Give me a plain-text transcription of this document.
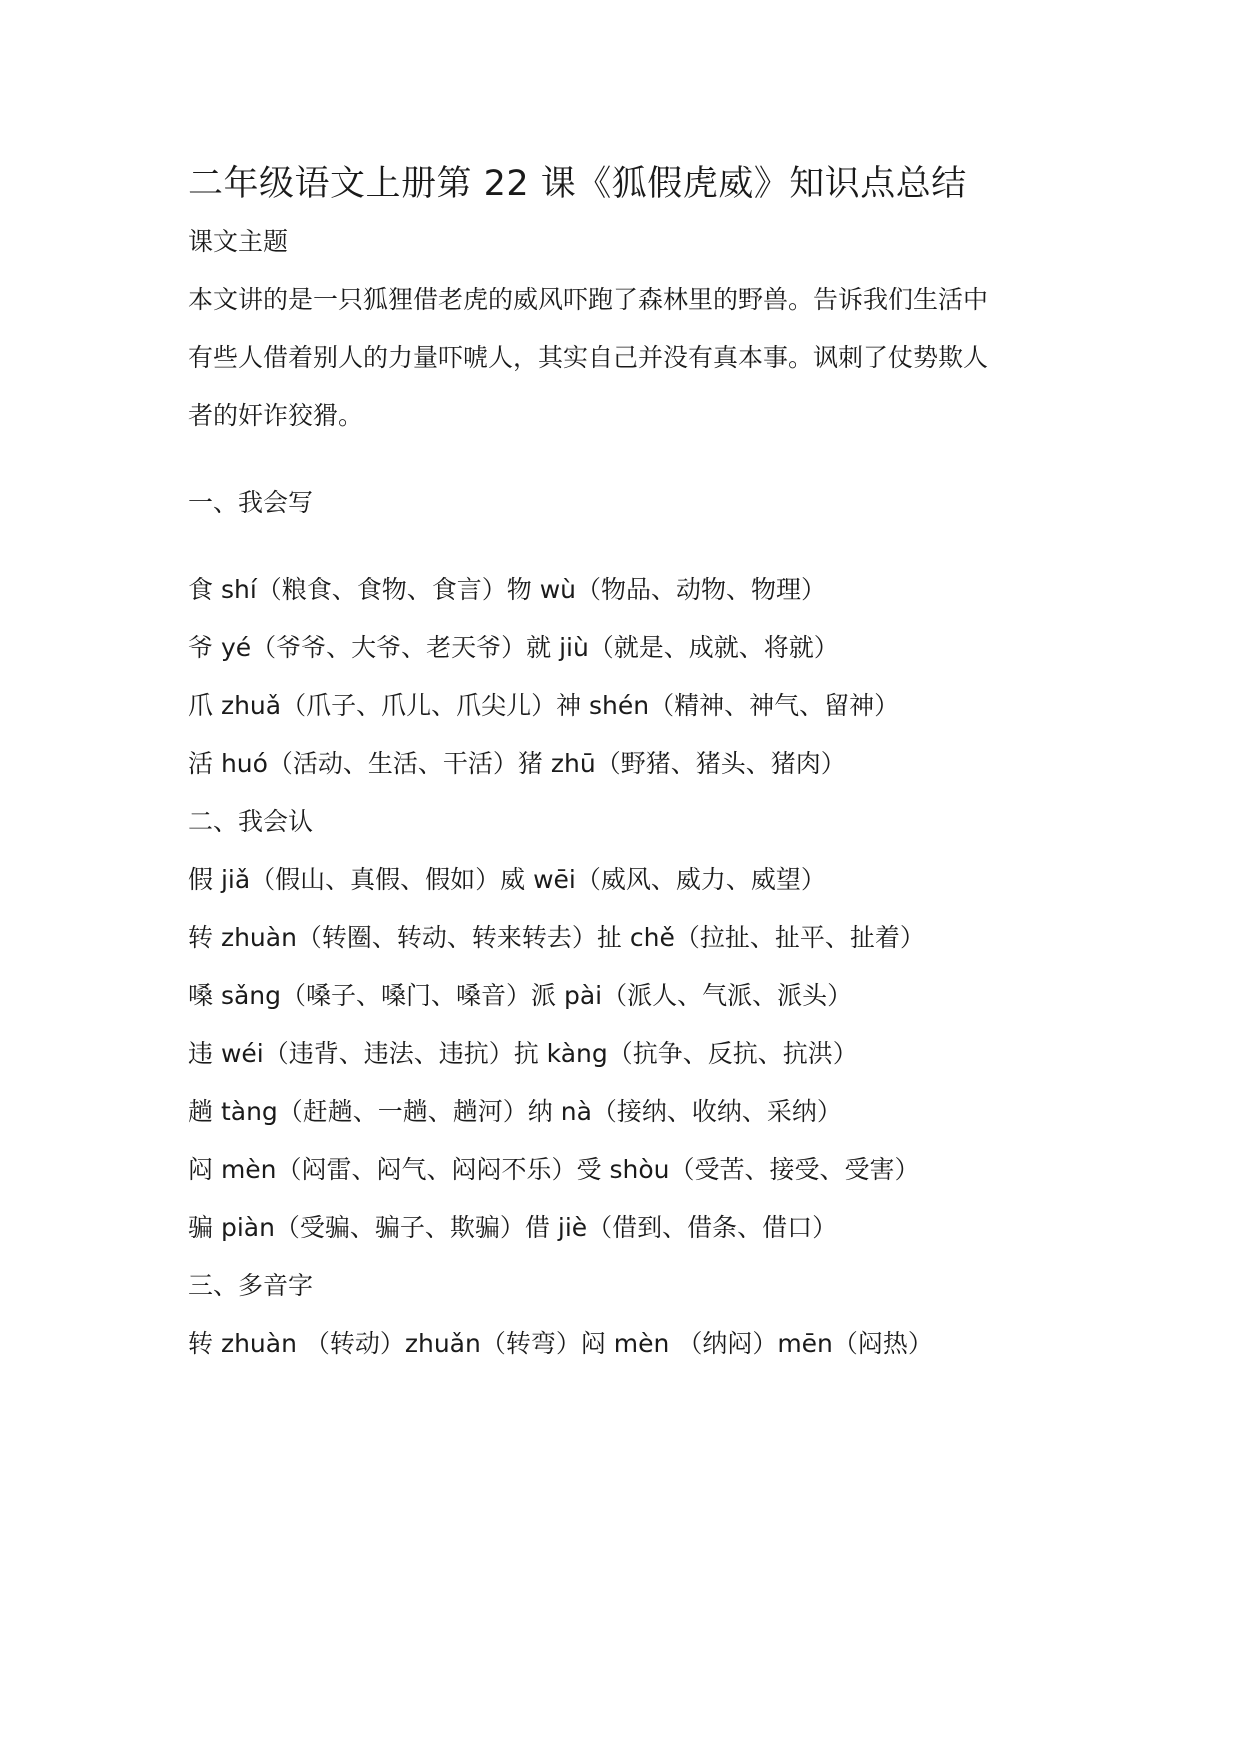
二年级语文上册第 22 课《狐假虎威》知识点总结
课文主题
本文讲的是一只狐狸借老虎的威风吓跑了森林里的野兽。告诉我们生活中
有些人借着别人的力量吓唬人，其实自己并没有真本事。讽刺了仗势欺人
者的奸诈狡猾。
一、我会写
食 shí（粮食、食物、食言）物 wù（物品、动物、物理）
爷 yé（爷爷、大爷、老天爷）就 jiù（就是、成就、将就）
爪 zhuǎ（爪子、爪儿、爪尖儿）神 shén（精神、神气、留神）
活 huó（活动、生活、干活）猪 zhū（野猪、猪头、猪肉）
二、我会认
假 jiǎ（假山、真假、假如）威 wēi（威风、威力、威望）
转 zhuàn（转圈、转动、转来转去）扯 chě（拉扯、扯平、扯着）
嗓 sǎng（嗓子、嗓门、嗓音）派 pài（派人、气派、派头）
违 wéi（违背、违法、违抗）抗 kàng（抗争、反抗、抗洪）
趟 tàng（赶趟、一趟、趟河）纳 nà（接纳、收纳、采纳）
闷 mèn（闷雷、闷气、闷闷不乐）受 shòu（受苦、接受、受害）
骗 piàn（受骗、骗子、欺骗）借 jiè（借到、借条、借口）
三、多音字
转 zhuàn （转动）zhuǎn（转弯）闷 mèn （纳闷）mēn（闷热）
